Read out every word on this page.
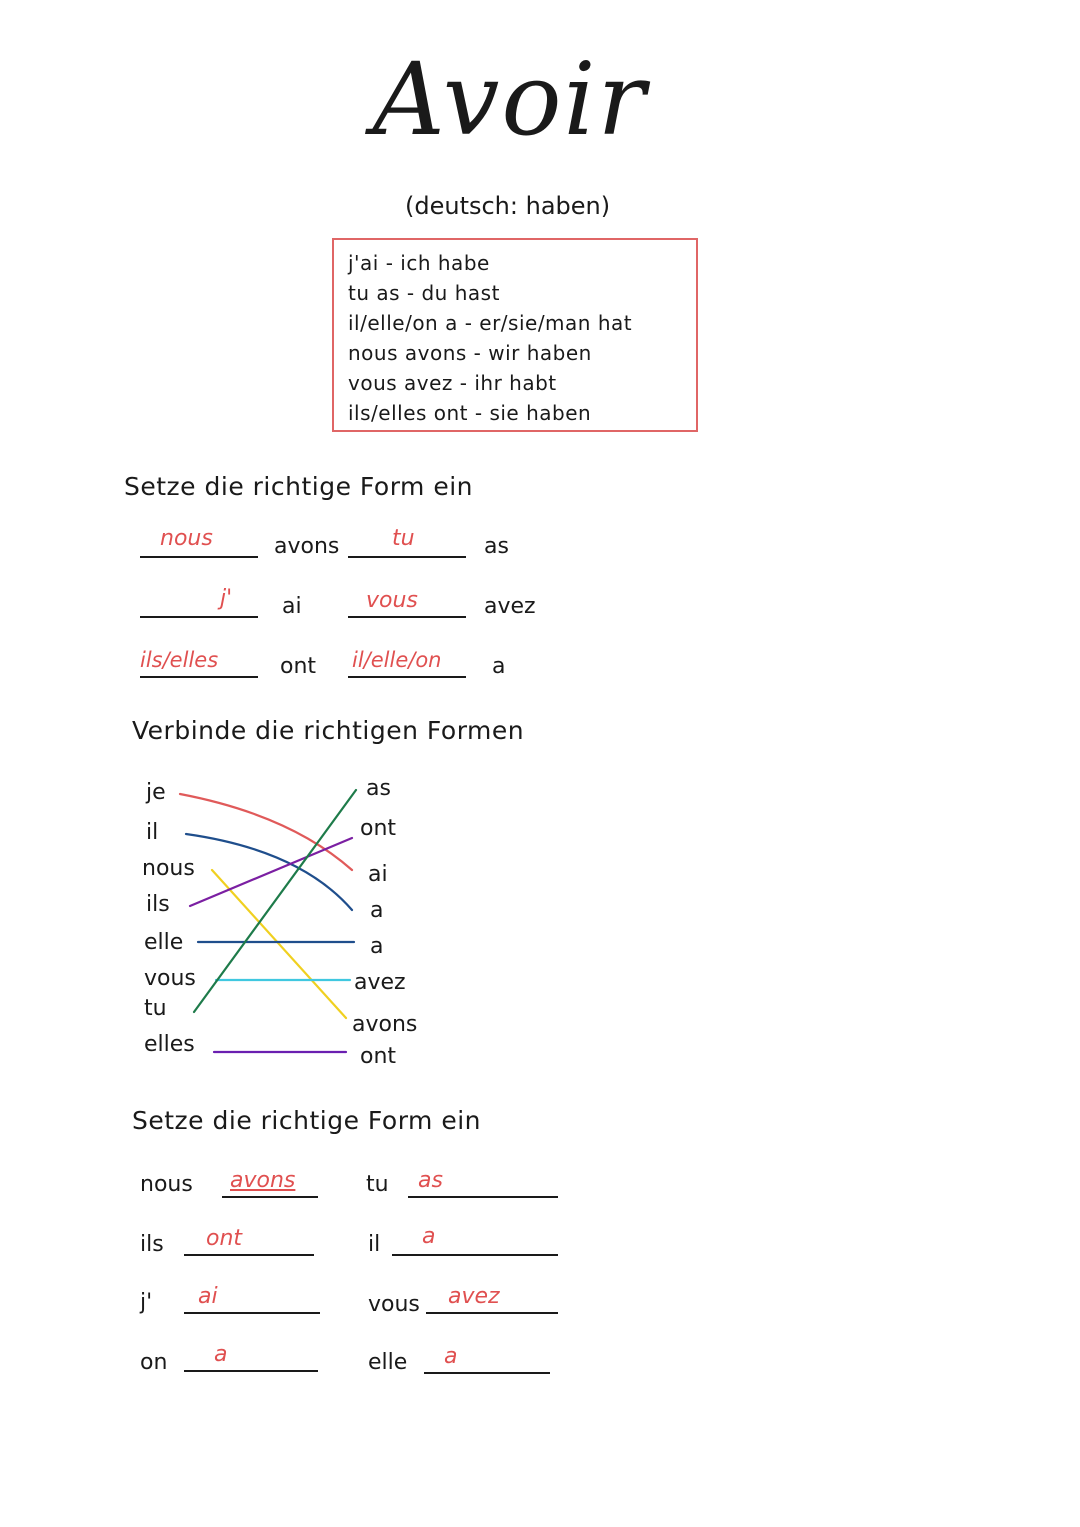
Avoir
(deutsch: haben)
j'ai - ich habe
tu as - du hast
il/elle/on a - er/sie/man hat
nous avons - wir haben
vous avez - ihr habt
ils/elles ont - sie haben
Setze die richtige Form ein
nous	avons tu	as
j' ai	vous	avez
ils/elles	ont il/elle/on a
Verbinde die richtigen Formen
je
il
nous
ils
elle
vous
tu
elles
as
ont
ai
a
a
avez
avons
ont
Setze die richtige Form ein
nous avons	tu as
ils ont	il a
j' ai	vous avez
on a	elle a
